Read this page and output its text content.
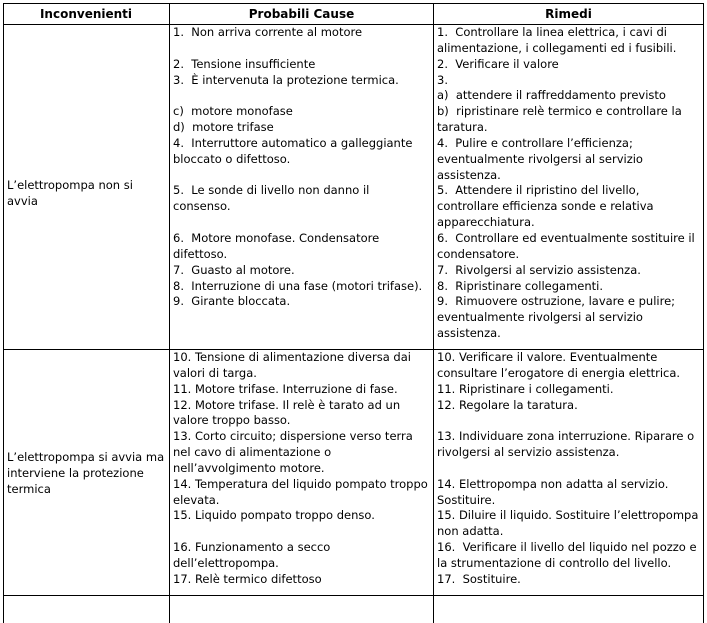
Inconvenienti	Probabili Cause	Rimedi
L’elettropompa non si avvia
1.  Non arriva corrente al motore

2.  Tensione insufficiente
3.  È intervenuta la protezione termica.

c)  motore monofase
d)  motore trifase
4.  Interruttore automatico a galleggiante
bloccato o difettoso.

5.  Le sonde di livello non danno il
consenso.

6.  Motore monofase. Condensatore
difettoso.
7.  Guasto al motore.
8.  Interruzione di una fase (motori trifase).
9.  Girante bloccata.
1.  Controllare la linea elettrica, i cavi di
alimentazione, i collegamenti ed i fusibili.
2.  Verificare il valore
3.
a)  attendere il raffreddamento previsto
b)  ripristinare relè termico e controllare la
taratura.
4.  Pulire e controllare l’efficienza;
eventualmente rivolgersi al servizio
assistenza.
5.  Attendere il ripristino del livello,
controllare efficienza sonde e relativa
apparecchiatura.
6.  Controllare ed eventualmente sostituire il
condensatore.
7.  Rivolgersi al servizio assistenza.
8.  Ripristinare collegamenti.
9.  Rimuovere ostruzione, lavare e pulire;
eventualmente rivolgersi al servizio
assistenza.
L’elettropompa si avvia ma
interviene la protezione
termica
10. Tensione di alimentazione diversa dai
valori di targa.
11. Motore trifase. Interruzione di fase.
12. Motore trifase. Il relè è tarato ad un
valore troppo basso.
13. Corto circuito; dispersione verso terra
nel cavo di alimentazione o
nell’avvolgimento motore.
14. Temperatura del liquido pompato troppo
elevata.
15. Liquido pompato troppo denso.

16. Funzionamento a secco
dell’elettropompa.
17. Relè termico difettoso
10. Verificare il valore. Eventualmente
consultare l’erogatore di energia elettrica.
11. Ripristinare i collegamenti.
12. Regolare la taratura.

13. Individuare zona interruzione. Riparare o
rivolgersi al servizio assistenza.

14. Elettropompa non adatta al servizio.
Sostituire.
15. Diluire il liquido. Sostituire l’elettropompa
non adatta.
16.  Verificare il livello del liquido nel pozzo e
la strumentazione di controllo del livello.
17.  Sostituire.
